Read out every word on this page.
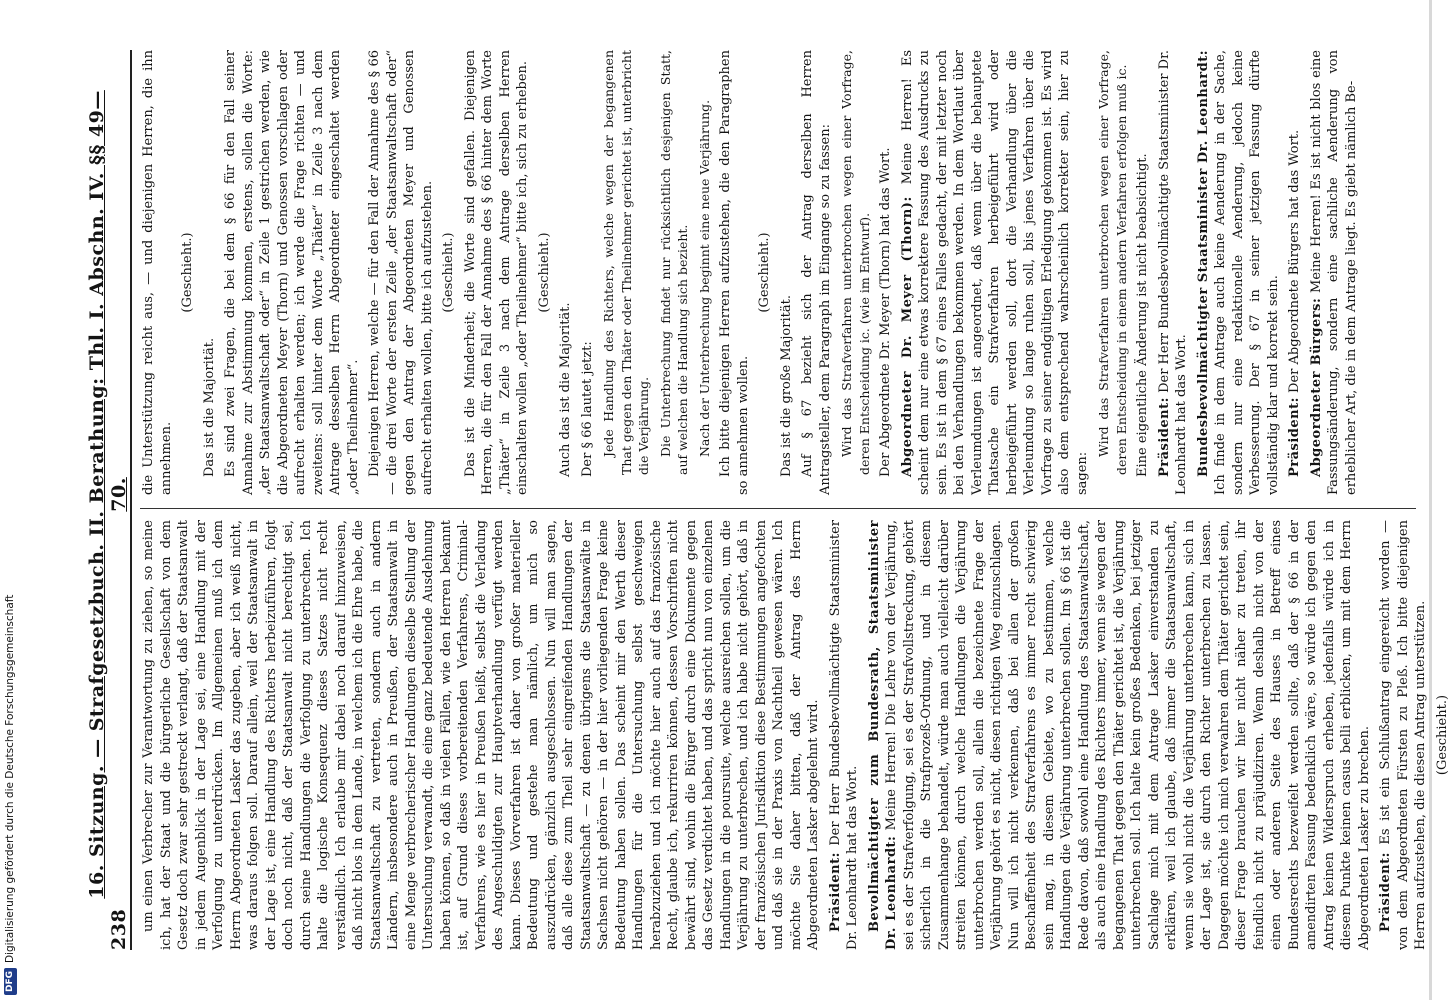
DFG
Digitalisierung gefördert durch die Deutsche Forschungsgemeinschaft	238
16. Sitzung. — Strafgesetzbuch. II. Berathung: Thl. I. Abschn. IV. §§ 49—70.

um einen Verbrecher zur Verantwortung zu ziehen, so meine ich, hat der Staat und die bürgerliche Gesellschaft von dem Gesetz doch zwar sehr gestreckt verlangt, daß der Staatsanwalt in jedem Augenblick in der Lage sei, eine Handlung mit der Verfolgung zu unterdrücken. Im Allgemeinen muß ich dem Herrn Abgeordneten Lasker das zugeben, aber ich weiß nicht, was daraus folgen soll. Darauf allein, weil der Staatsanwalt in der Lage ist, eine Handlung des Richters herbeizuführen, folgt doch noch nicht, daß der Staatsanwalt nicht berechtigt sei, durch seine Handlungen die Verfolgung zu unterbrechen. Ich halte die logische Konsequenz dieses Satzes nicht recht verständlich. Ich erlaube mir dabei noch darauf hinzuweisen, daß nicht blos in dem Lande, in welchem ich die Ehre habe, die Staatsanwaltschaft zu vertreten, sondern auch in andern Ländern, insbesondere auch in Preußen, der Staatsanwalt in eine Menge verbrecherischer Handlungen dieselbe Stellung der Untersuchung verwandt, die eine ganz bedeutende Ausdehnung haben können, so daß in vielen Fällen, wie den Herren bekannt ist, auf Grund dieses vorbereitenden Verfahrens, Criminal-Verfahrens, wie es hier in Preußen heißt, selbst die Verladung des Angeschuldigten zur Hauptverhandlung verfügt werden kann. Dieses Vorverfahren ist daher von großer materieller Bedeutung und gestehe man nämlich, um mich so auszudrücken, gänzlich ausgeschlossen. Nun will man sagen, daß alle diese zum Theil sehr eingreifenden Handlungen der Staatsanwaltschaft — zu denen übrigens die Staatsanwälte in Sachsen nicht gehören — in der hier vorliegenden Frage keine Bedeutung haben sollen. Das scheint mir den Werth dieser Handlungen für die Untersuchung selbst geschweigen herabzuziehen und ich möchte hier auch auf das französische Recht, glaube ich, rekurriren können, dessen Vorschriften nicht bewährt sind, wohin die Bürger durch eine Dokumente gegen das Gesetz verdichtet haben, und das spricht nun von einzelnen Handlungen in die poursuite, welche ausreichen sollen, um die Verjährung zu unterbrechen, und ich habe nicht gehört, daß in der französischen Jurisdiktion diese Bestimmungen angefochten und daß sie in der Praxis von Nachtheil gewesen wären. Ich möchte Sie daher bitten, daß der Antrag des Herrn Abgeordneten Lasker abgelehnt wird. Präsident: Der Herr Bundesbevollmächtigte Staatsminister Dr. Leonhardt hat das Wort. Bevollmächtigter zum Bundesrath, Staatsminister Dr. Leonhardt: Meine Herren! Die Lehre von der Verjährung, sei es der Strafverfolgung, sei es der Strafvollstreckung, gehört sicherlich in die Strafprozeß-Ordnung, und in diesem Zusammenhange behandelt, würde man auch vielleicht darüber streiten können, durch welche Handlungen die Verjährung unterbrochen werden soll, allein die bezeichnete Frage der Verjährung gehört es nicht, diesen richtigen Weg einzuschlagen. Nun will ich nicht verkennen, daß bei allen der großen Beschaffenheit des Strafverfahrens es immer recht schwierig sein mag, in diesem Gebiete, wo zu bestimmen, welche Handlungen die Verjährung unterbrechen sollen. Im § 66 ist die Rede davon, daß sowohl eine Handlung des Staatsanwaltschaft, als auch eine Handlung des Richters immer, wenn sie wegen der begangenen That gegen den Thäter gerichtet ist, die Verjährung unterbrechen soll. Ich halte kein großes Bedenken, bei jetziger Sachlage mich mit dem Antrage Lasker einverstanden zu erklären, weil ich glaube, daß immer die Staatsanwaltschaft, wenn sie wohl nicht die Verjährung unterbrechen kann, sich in der Lage ist, sie durch den Richter unterbrechen zu lassen. Dagegen möchte ich mich verwahren dem Thäter gerichtet sein, dieser Frage brauchen wir hier nicht näher zu treten, ihr feindlich nicht zu präjudiziren. Wenn deshalb nicht von der einen oder anderen Seite des Hauses in Betreff eines Bundesrechts bezweifelt werden sollte, daß der § 66 in der amendirten Fassung bedenklich wäre, so würde ich gegen den Antrag keinen Widerspruch erheben, jedenfalls würde ich in diesem Punkte keinen casus belli erblicken, um mit dem Herrn Abgeordneten Lasker zu brechen. Präsident: Es ist ein Schlußantrag eingereicht worden — von dem Abgeordneten Fürsten zu Pleß. Ich bitte diejenigen Herren aufzustehen, die diesen Antrag unterstützen. (Geschieht.)

die Unterstützung reicht aus, — und diejenigen Herren, die ihn annehmen.

(Geschieht.)

Das ist die Majorität. Es sind zwei Fragen, die bei dem § 66 für den Fall seiner Annahme zur Abstimmung kommen, erstens, sollen die Worte: „der Staatsanwaltschaft oder“ in Zeile 1 gestrichen werden, wie die Abgeordneten Meyer (Thorn) und Genossen vorschlagen oder aufrecht erhalten werden; ich werde die Frage richten — und zweitens: soll hinter dem Worte „Thäter“ in Zeile 3 nach dem Antrage desselben Herrn Abgeordneter eingeschaltet werden „oder Theilnehmer“. Diejenigen Herren, welche — für den Fall der Annahme des § 66 — die drei Worte der ersten Zeile „der Staatsanwaltschaft oder“ gegen den Antrag der Abgeordneten Meyer und Genossen aufrecht erhalten wollen, bitte ich aufzustehen. (Geschieht.) Das ist die Minderheit; die Worte sind gefallen. Diejenigen Herren, die für den Fall der Annahme des § 66 hinter dem Worte „Thäter“ in Zeile 3 nach dem Antrage derselben Herren einschalten wollen „oder Theilnehmer“ bitte ich, sich zu erheben. (Geschieht.)

Auch das ist die Majorität. Der § 66 lautet jetzt: Jede Handlung des Richters, welche wegen der begangenen That gegen den Thäter oder Theilnehmer gerichtet ist, unterbricht die Verjährung. Die Unterbrechung findet nur rücksichtlich desjenigen Statt, auf welchen die Handlung sich bezieht. Nach der Unterbrechung beginnt eine neue Verjährung. Ich bitte diejenigen Herren aufzustehen, die den Paragraphen so annehmen wollen.

(Geschieht.)

Das ist die große Majorität. Auf § 67 bezieht sich der Antrag derselben Herren Antragsteller, dem Paragraph im Eingange so zu fassen: Wird das Strafverfahren unterbrochen wegen einer Vorfrage, deren Entscheidung ic. (wie im Entwurf). Der Abgeordnete Dr. Meyer (Thorn) hat das Wort. Abgeordneter Dr. Meyer (Thorn): Meine Herren! Es scheint dem nur eine etwas korrektere Fassung des Ausdrucks zu sein. Es ist in dem § 67 eines Falles gedacht, der mit letzter noch bei den Verhandlungen bekommen werden. In dem Wortlaut über Verleumdungen ist angeordnet, daß wenn über die behauptete Thatsache ein Strafverfahren herbeigeführt wird oder herbeigeführt werden soll, dort die Verhandlung über die Verleumdung so lange ruhen soll, bis jenes Verfahren über die Vorfrage zu seiner endgültigen Erledigung gekommen ist. Es wird also dem entsprechend wahrscheinlich korrekter sein, hier zu sagen:

Wird das Strafverfahren unterbrochen wegen einer Vorfrage, deren Entscheidung in einem andern Verfahren erfolgen muß ic. Eine eigentliche Änderung ist nicht beabsichtigt. Präsident: Der Herr Bundesbevollmächtigte Staatsminister Dr. Leonhardt hat das Wort. Bundesbevollmächtigter Staatsminister Dr. Leonhardt: Ich finde in dem Antrage auch keine Aenderung in der Sache, sondern nur eine redaktionelle Aenderung, jedoch keine Verbesserung. Der § 67 in seiner jetzigen Fassung dürfte vollständig klar und korrekt sein. Präsident: Der Abgeordnete Bürgers hat das Wort. Abgeordneter Bürgers: Meine Herren! Es ist nicht blos eine Fassungsänderung, sondern eine sachliche Aenderung von erheblicher Art, die in dem Antrage liegt. Es giebt nämlich Be-
